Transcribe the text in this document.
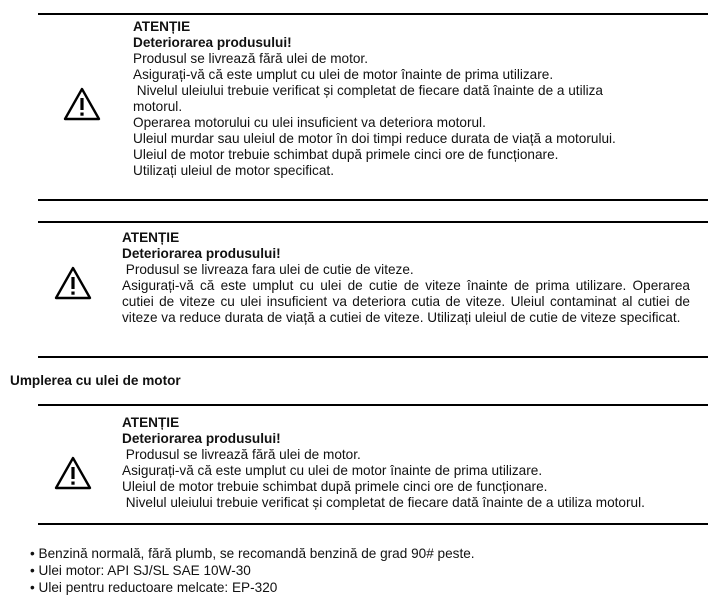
ATENȚIE
Deteriorarea produsului!
Produsul se livrează fără ulei de motor.
Asigurați-vă că este umplut cu ulei de motor înainte de prima utilizare.
Nivelul uleiului trebuie verificat și completat de fiecare dată înainte de a utiliza
motorul.
Operarea motorului cu ulei insuficient va deteriora motorul.
Uleiul murdar sau uleiul de motor în doi timpi reduce durata de viață a motorului.
Uleiul de motor trebuie schimbat după primele cinci ore de funcționare.
Utilizați uleiul de motor specificat.
ATENȚIE
Deteriorarea produsului!
Produsul se livreaza fara ulei de cutie de viteze.
Asigurați-vă că este umplut cu ulei de cutie de viteze înainte de prima utilizare. Operarea cutiei de viteze cu ulei insuficient va deteriora cutia de viteze. Uleiul contaminat al cutiei de viteze va reduce durata de viață a cutiei de viteze. Utilizați uleiul de cutie de viteze specificat.
Umplerea cu ulei de motor
ATENȚIE
Deteriorarea produsului!
Produsul se livrează fără ulei de motor.
Asigurați-vă că este umplut cu ulei de motor înainte de prima utilizare.
Uleiul de motor trebuie schimbat după primele cinci ore de funcționare.
Nivelul uleiului trebuie verificat și completat de fiecare dată înainte de a utiliza motorul.
• Benzină normală, fără plumb, se recomandă benzină de grad 90# peste.
• Ulei motor: API SJ/SL SAE 10W-30
• Ulei pentru reductoare melcate: EP-320
